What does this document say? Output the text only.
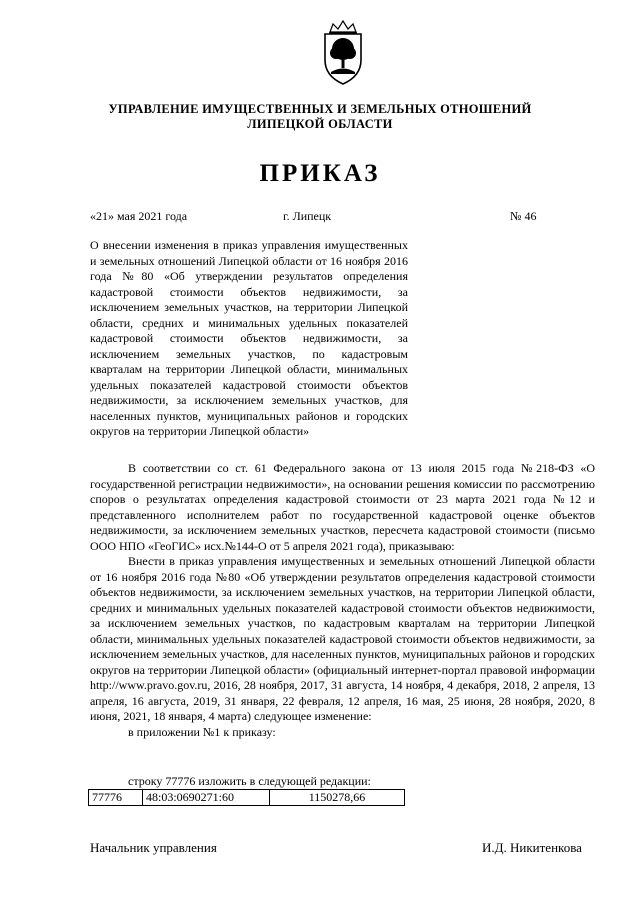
УПРАВЛЕНИЕ ИМУЩЕСТВЕННЫХ И ЗЕМЕЛЬНЫХ ОТНОШЕНИЙ
ЛИПЕЦКОЙ ОБЛАСТИ
ПРИКАЗ
«21» мая 2021 года	г. Липецк	№ 46
О внесении изменения в приказ управления имущественных и земельных отношений Липецкой области от 16 ноября 2016 года №80 «Об утверждении результатов определения кадастровой стоимости объектов недвижимости, за исключением земельных участков, на территории Липецкой области, средних и минимальных удельных показателей кадастровой стоимости объектов недвижимости, за исключением земельных участков, по кадастровым кварталам на территории Липецкой области, минимальных удельных показателей кадастровой стоимости объектов недвижимости, за исключением земельных участков, для населенных пунктов, муниципальных районов и городских округов на территории Липецкой области»

В соответствии со ст. 61 Федерального закона от 13 июля 2015 года №218-ФЗ «О государственной регистрации недвижимости», на основании решения комиссии по рассмотрению споров о результатах определения кадастровой стоимости от 23 марта 2021 года №12 и представленного исполнителем работ по государственной кадастровой оценке объектов недвижимости, за исключением земельных участков, пересчета кадастровой стоимости (письмо ООО НПО «ГеоГИС» исх.№144-О от 5 апреля 2021 года), приказываю:

Внести в приказ управления имущественных и земельных отношений Липецкой области от 16 ноября 2016 года №80 «Об утверждении результатов определения кадастровой стоимости объектов недвижимости, за исключением земельных участков, на территории Липецкой области, средних и минимальных удельных показателей кадастровой стоимости объектов недвижимости, за исключением земельных участков, по кадастровым кварталам на территории Липецкой области, минимальных удельных показателей кадастровой стоимости объектов недвижимости, за исключением земельных участков, для населенных пунктов, муниципальных районов и городских округов на территории Липецкой области» (официальный интернет-портал правовой информации http://www.pravo.gov.ru, 2016, 28 ноября, 2017, 31 августа, 14 ноября, 4 декабря, 2018, 2 апреля, 13 апреля, 16 августа, 2019, 31 января, 22 февраля, 12 апреля, 16 мая, 25 июня, 28 ноября, 2020, 8 июня, 2021, 18 января, 4 марта) следующее изменение:

в приложении №1 к приказу:

строку 77776 изложить в следующей редакции:
77776	48:03:0690271:60	1150278,66
Начальник управления	И.Д. Никитенкова
